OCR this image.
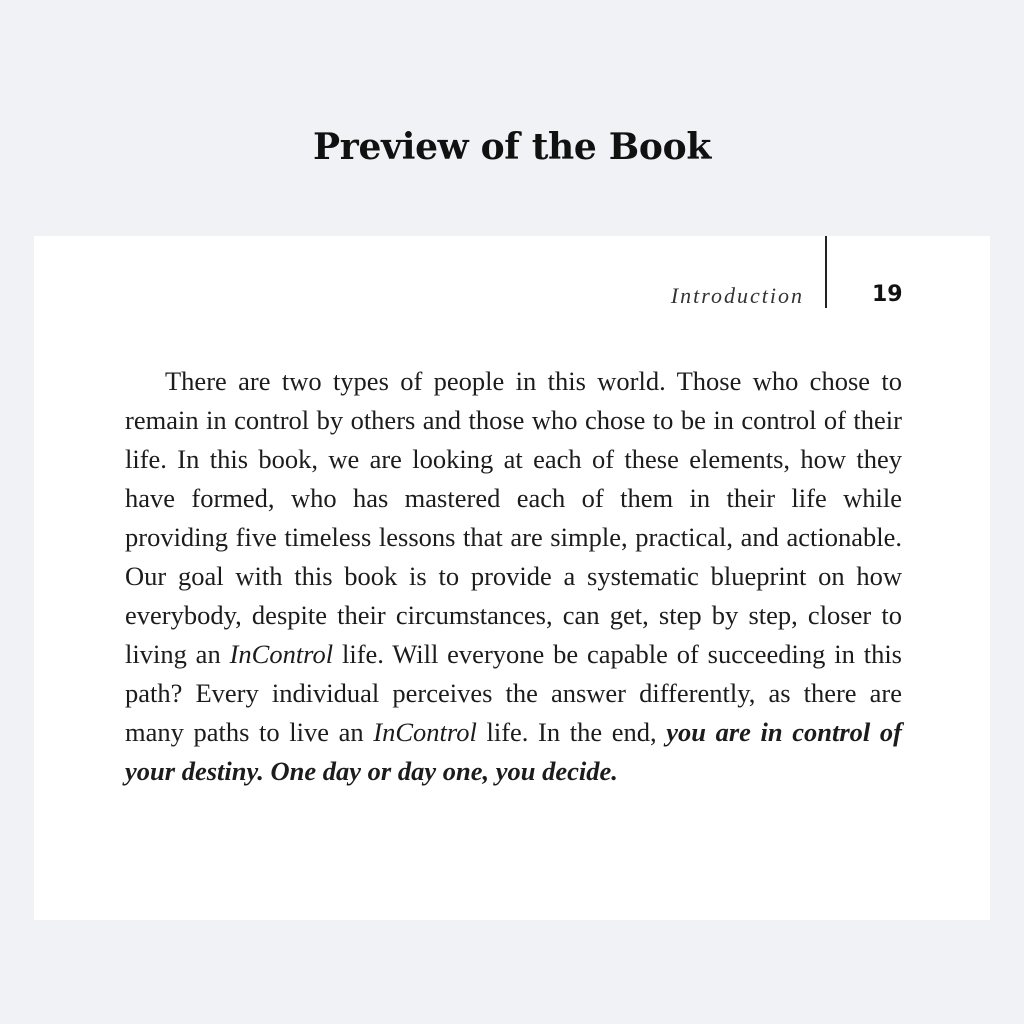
Preview of the Book
Introduction	19

There are two types of people in this world. Those who chose to remain in control by others and those who chose to be in control of their life. In this book, we are looking at each of these elements, how they have formed, who has mastered each of them in their life while providing five timeless lessons that are simple, practical, and actionable. Our goal with this book is to provide a systematic blueprint on how everybody, despite their circumstances, can get, step by step, closer to living an InControl life. Will everyone be capable of succeeding in this path? Every individual perceives the answer differently, as there are many paths to live an InControl life. In the end, you are in control of your destiny. One day or day one, you decide.
